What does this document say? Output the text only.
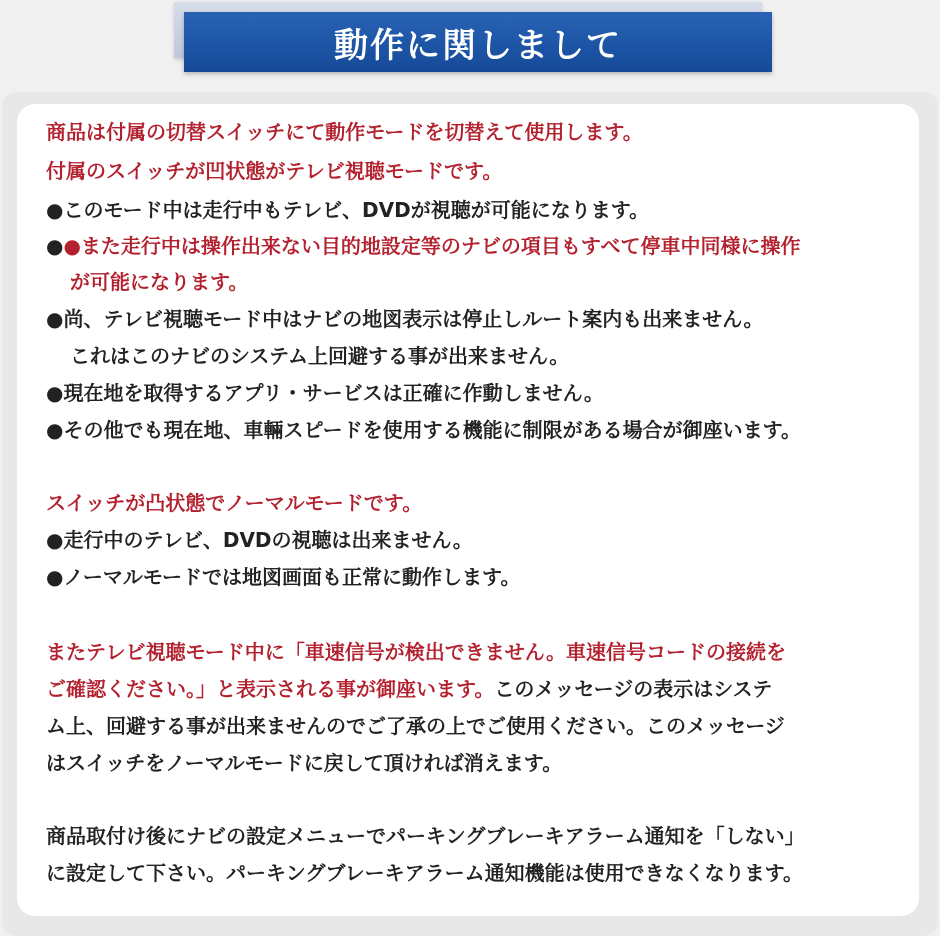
動作に関しまして
商品は付属の切替スイッチにて動作モードを切替えて使用します。
付属のスイッチが凹状態がテレビ視聴モードです。
●このモード中は走行中もテレビ、DVDが視聴が可能になります。
●●また走行中は操作出来ない目的地設定等のナビの項目もすべて停車中同様に操作
が可能になります。
●尚、テレビ視聴モード中はナビの地図表示は停止しルート案内も出来ません。
これはこのナビのシステム上回避する事が出来ません。
●現在地を取得するアプリ・サービスは正確に作動しません。
●その他でも現在地、車輛スピードを使用する機能に制限がある場合が御座います。
スイッチが凸状態でノーマルモードです。
●走行中のテレビ、DVDの視聴は出来ません。
●ノーマルモードでは地図画面も正常に動作します。
またテレビ視聴モード中に「車速信号が検出できません。車速信号コードの接続を
ご確認ください。」と表示される事が御座います。このメッセージの表示はシステ
ム上、回避する事が出来ませんのでご了承の上でご使用ください。このメッセージ
はスイッチをノーマルモードに戻して頂ければ消えます。
商品取付け後にナビの設定メニューでパーキングブレーキアラーム通知を「しない」
に設定して下さい。パーキングブレーキアラーム通知機能は使用できなくなります。
